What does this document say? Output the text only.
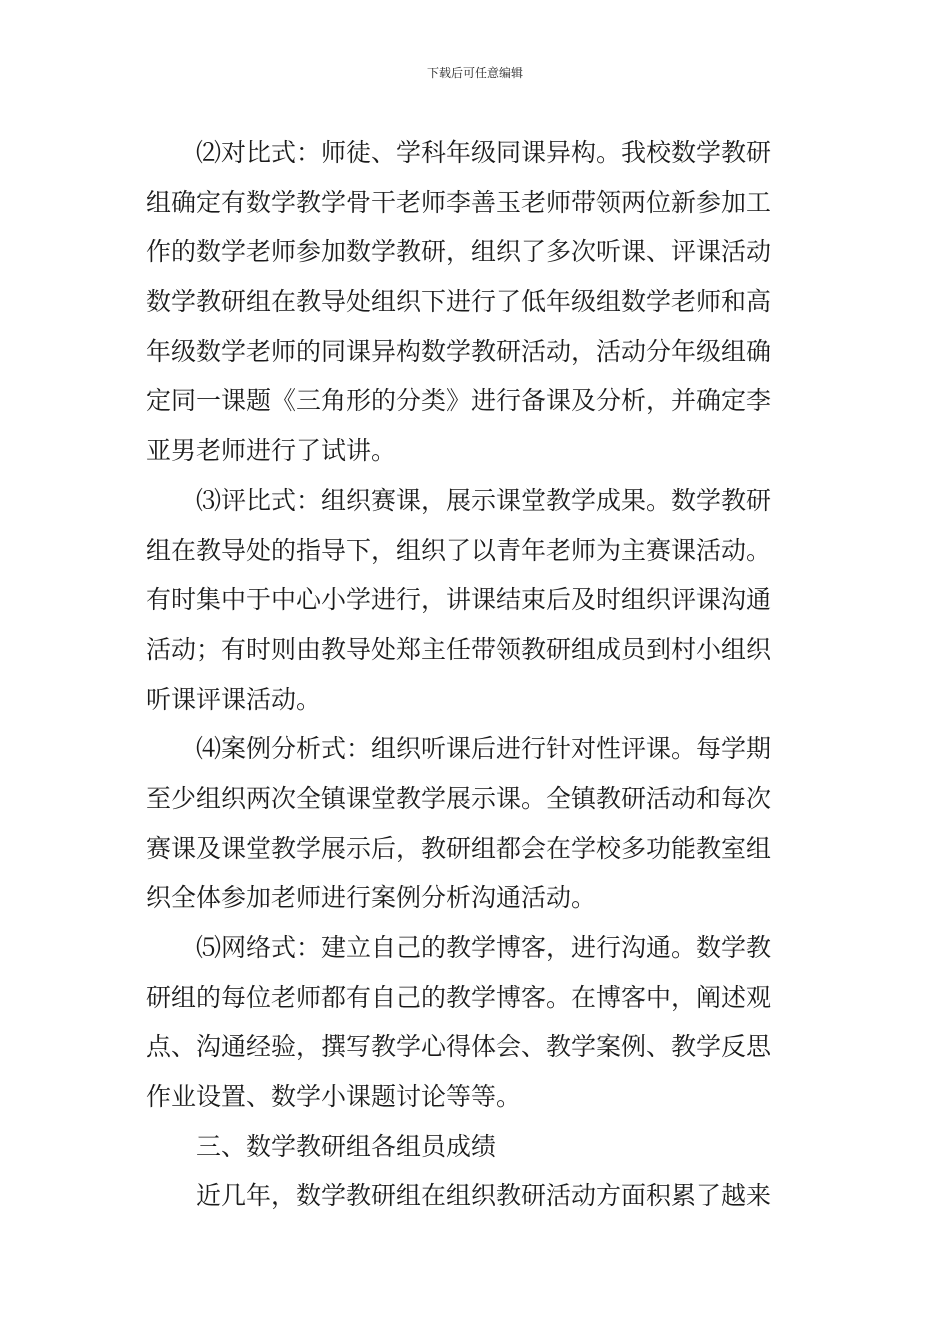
下载后可任意编辑
⑵对比式：师徒、学科年级同课异构。我校数学教研
组确定有数学教学骨干老师李善玉老师带领两位新参加工
作的数学老师参加数学教研，组织了多次听课、评课活动
数学教研组在教导处组织下进行了低年级组数学老师和高
年级数学老师的同课异构数学教研活动，活动分年级组确
定同一课题《三角形的分类》进行备课及分析，并确定李
亚男老师进行了试讲。
⑶评比式：组织赛课，展示课堂教学成果。数学教研
组在教导处的指导下，组织了以青年老师为主赛课活动。
有时集中于中心小学进行，讲课结束后及时组织评课沟通
活动；有时则由教导处郑主任带领教研组成员到村小组织
听课评课活动。
⑷案例分析式：组织听课后进行针对性评课。每学期
至少组织两次全镇课堂教学展示课。全镇教研活动和每次
赛课及课堂教学展示后，教研组都会在学校多功能教室组
织全体参加老师进行案例分析沟通活动。
⑸网络式：建立自己的教学博客，进行沟通。数学教
研组的每位老师都有自己的教学博客。在博客中，阐述观
点、沟通经验，撰写教学心得体会、教学案例、教学反思
作业设置、数学小课题讨论等等。
三、数学教研组各组员成绩
近几年，数学教研组在组织教研活动方面积累了越来
